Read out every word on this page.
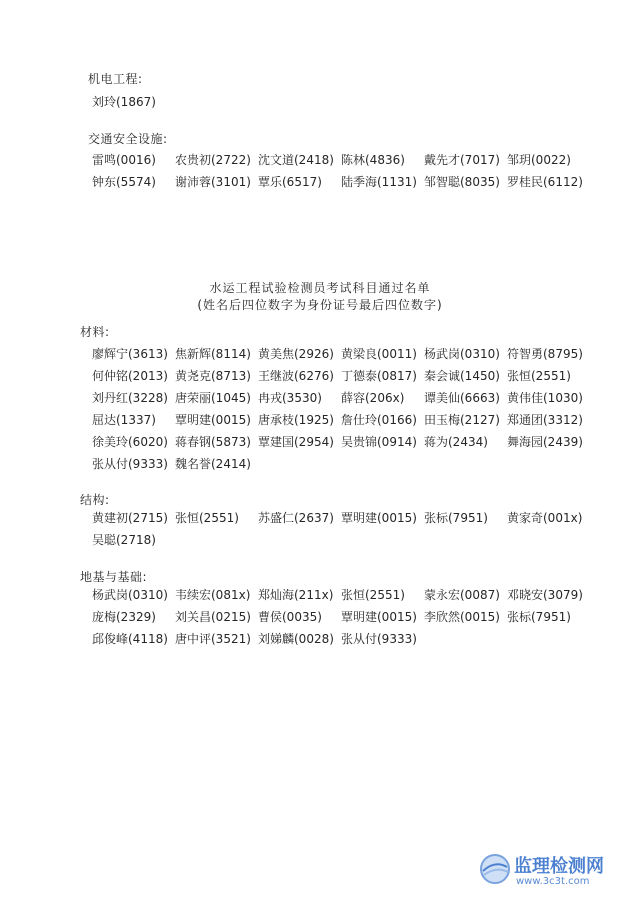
机电工程:
刘玲(1867)
交通安全设施:
雷鸣(0016)	农贵初(2722) 沈文道(2418) 陈林(4836)	戴先才(7017) 邹玥(0022)
钟东(5574)	谢沛蓉(3101) 覃乐(6517)	陆季海(1131) 邹智聪(8035) 罗桂民(6112)
水运工程试验检测员考试科目通过名单
(姓名后四位数字为身份证号最后四位数字)
材料:
廖辉宁(3613) 焦新辉(8114) 黄美焦(2926) 黄梁良(0011) 杨武岗(0310) 符智勇(8795)
何仲铭(2013) 黄尧克(8713) 王继波(6276) 丁德泰(0817) 秦会诚(1450) 张恒(2551)
刘丹红(3228) 唐荣丽(1045) 冉戎(3530)	薛容(206x)	谭美仙(6663) 黄伟佳(1030)
屈达(1337)	覃明建(0015) 唐承枝(1925) 詹仕玲(0166) 田玉梅(2127) 郑通团(3312)
徐美玲(6020) 蒋春钢(5873) 覃建国(2954) 吴贵锦(0914) 蒋为(2434)	舞海园(2439)
张从付(9333) 魏名誉(2414)
结构:
黄建初(2715) 张恒(2551)	苏盛仁(2637) 覃明建(0015) 张标(7951)	黄家奇(001x)
吴聪(2718)
地基与基础:
杨武岗(0310) 韦续宏(081x) 郑灿海(211x) 张恒(2551)	蒙永宏(0087) 邓晓安(3079)
庞梅(2329)	刘关昌(0215) 曹侯(0035)	覃明建(0015) 李欣然(0015) 张标(7951)
邱俊峰(4118) 唐中评(3521) 刘娣麟(0028) 张从付(9333)
监理检测网
www.3c3t.com
